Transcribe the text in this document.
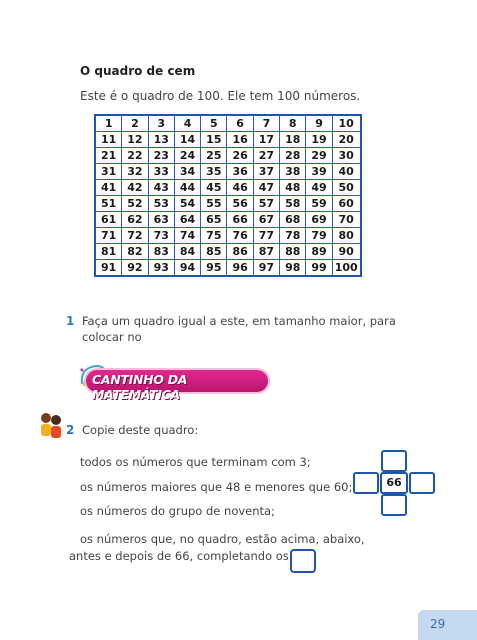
O quadro de cem
Este é o quadro de 100. Ele tem 100 números.
1	2	3	4	5	6	7	8	9	10
11	12	13	14	15	16	17	18	19	20
21	22	23	24	25	26	27	28	29	30
31	32	33	34	35	36	37	38	39	40
41	42	43	44	45	46	47	48	49	50
51	52	53	54	55	56	57	58	59	60
61	62	63	64	65	66	67	68	69	70
71	72	73	74	75	76	77	78	79	80
81	82	83	84	85	86	87	88	89	90
91	92	93	94	95	96	97	98	99	100
1 Faça um quadro igual a este, em tamanho maior, para
colocar no
CANTINHO DA MATEMÁTICA
2 Copie deste quadro:
todos os números que terminam com 3;
os números maiores que 48 e menores que 60;
os números do grupo de noventa;
os números que, no quadro, estão acima, abaixo,
antes e depois de 66, completando os
66
29
